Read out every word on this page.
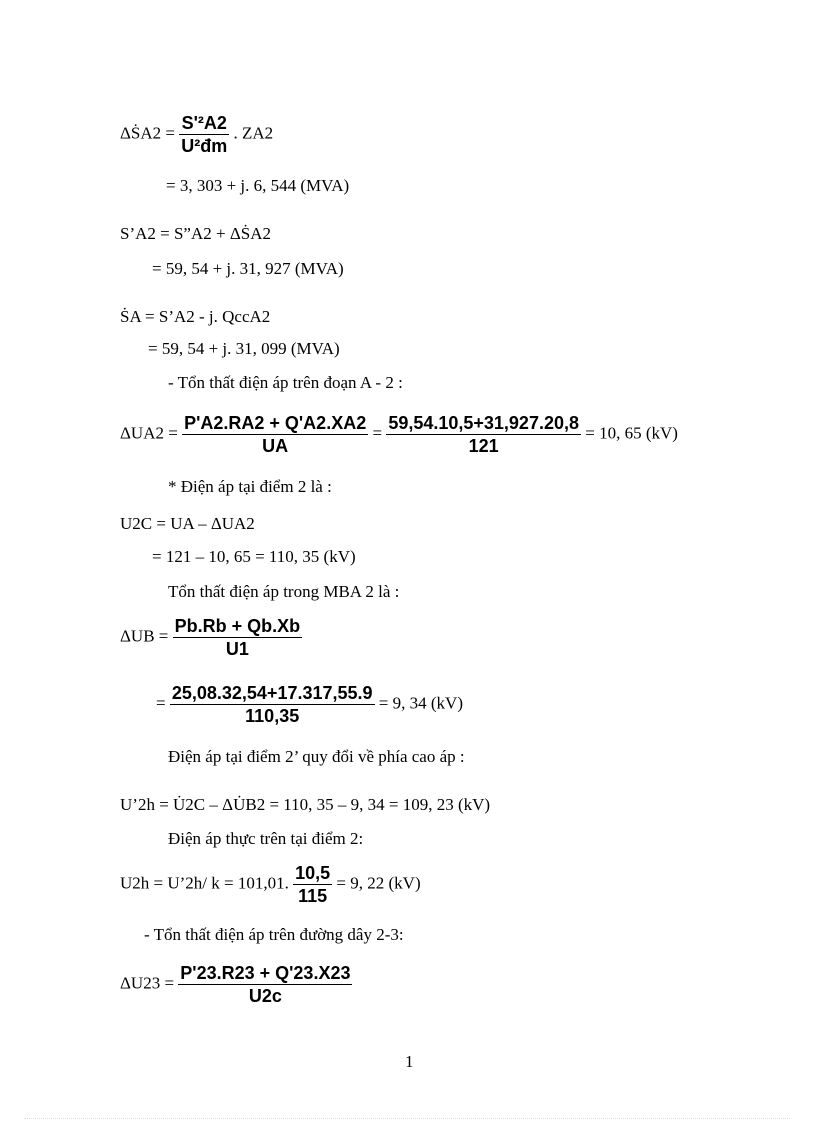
ΔṠA2 = $\frac{\text{S'²A2}}{\text{U²đm}}$ . ZA2
= 3, 303 + j. 6, 544 (MVA)
S’A2 = S”A2 + ΔṠA2
= 59, 54 + j. 31, 927 (MVA)
ṠA = S’A2 - j. QccA2
= 59, 54 + j. 31, 099 (MVA)
- Tổn thất điện áp trên đoạn A - 2 :
$\Delta UA2 = \frac{P'A2.RA2 + Q'A2.XA2}{UA} = \frac{59,54.10,5+31,927.20,8}{121} = 10$, 65 (kV)
* Điện áp tại điểm 2 là :
U2C = UA – ΔUA2
= 121 – 10, 65 = 110, 35 (kV)
Tổn thất điện áp trong MBA 2 là :
$\Delta UB = \frac{Pb.Rb + Qb.Xb}{U1}$
= $\frac{25,08.32,54+17.317,55.9}{110,35} = 9$, 34 (kV)
Điện áp tại điểm 2’ quy đổi về phía cao áp :
U’2h = U̇2C – ΔU̇B2 = 110, 35 – 9, 34 = 109, 23 (kV)
Điện áp thực trên tại điểm 2:
U2h = U’2h/ k = 101,01. $\frac{10,5}{115} = 9$, 22 (kV)
- Tổn thất điện áp trên đường dây 2-3:
$\Delta U23 = \frac{P'23.R23 + Q'23.X23}{U2c}$
1
